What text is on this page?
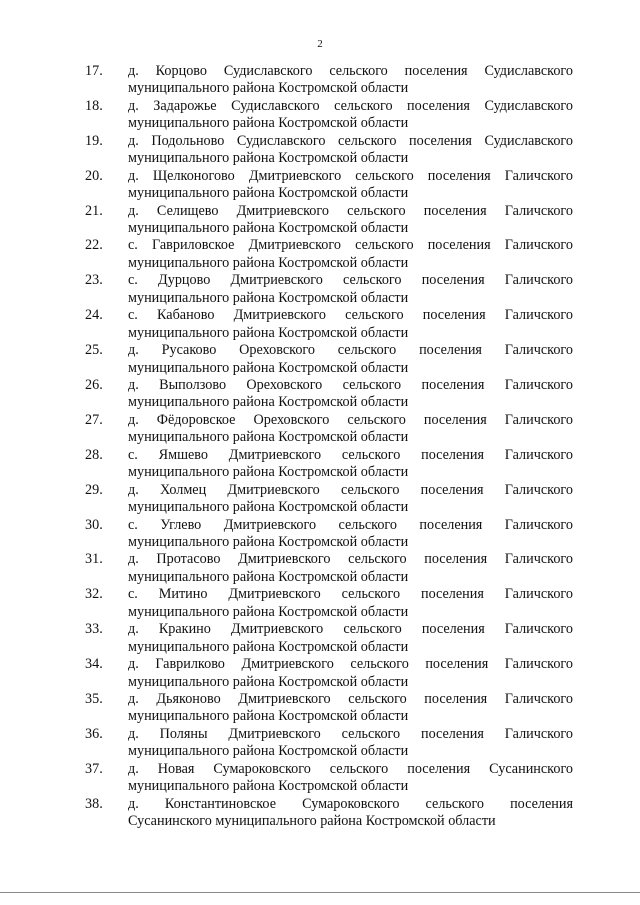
2
17.	д. Корцово Судиславского сельского поселения Судиславского
муниципального района Костромской области
18.	д. Задарожье Судиславского сельского поселения Судиславского
муниципального района Костромской области
19.	д. Подольново Судиславского сельского поселения Судиславского
муниципального района Костромской области
20.	д. Щелконогово Дмитриевского сельского поселения Галичского
муниципального района Костромской области
21.	д. Селищево Дмитриевского сельского поселения Галичского
муниципального района Костромской области
22.	с. Гавриловское Дмитриевского сельского поселения Галичского
муниципального района Костромской области
23.	с. Дурцово Дмитриевского сельского поселения Галичского
муниципального района Костромской области
24.	с. Кабаново Дмитриевского сельского поселения Галичского
муниципального района Костромской области
25.	д. Русаково Ореховского сельского поселения Галичского
муниципального района Костромской области
26.	д. Выползово Ореховского сельского поселения Галичского
муниципального района Костромской области
27.	д. Фёдоровское Ореховского сельского поселения Галичского
муниципального района Костромской области
28.	с. Ямшево Дмитриевского сельского поселения Галичского
муниципального района Костромской области
29.	д. Холмец Дмитриевского сельского поселения Галичского
муниципального района Костромской области
30.	с. Углево Дмитриевского сельского поселения Галичского
муниципального района Костромской области
31.	д. Протасово Дмитриевского сельского поселения Галичского
муниципального района Костромской области
32.	с. Митино Дмитриевского сельского поселения Галичского
муниципального района Костромской области
33.	д. Кракино Дмитриевского сельского поселения Галичского
муниципального района Костромской области
34.	д. Гаврилково Дмитриевского сельского поселения Галичского
муниципального района Костромской области
35.	д. Дьяконово Дмитриевского сельского поселения Галичского
муниципального района Костромской области
36.	д. Поляны Дмитриевского сельского поселения Галичского
муниципального района Костромской области
37.	д. Новая Сумароковского сельского поселения Сусанинского
муниципального района Костромской области
38.	д. Константиновское Сумароковского сельского поселения
Сусанинского муниципального района Костромской области
